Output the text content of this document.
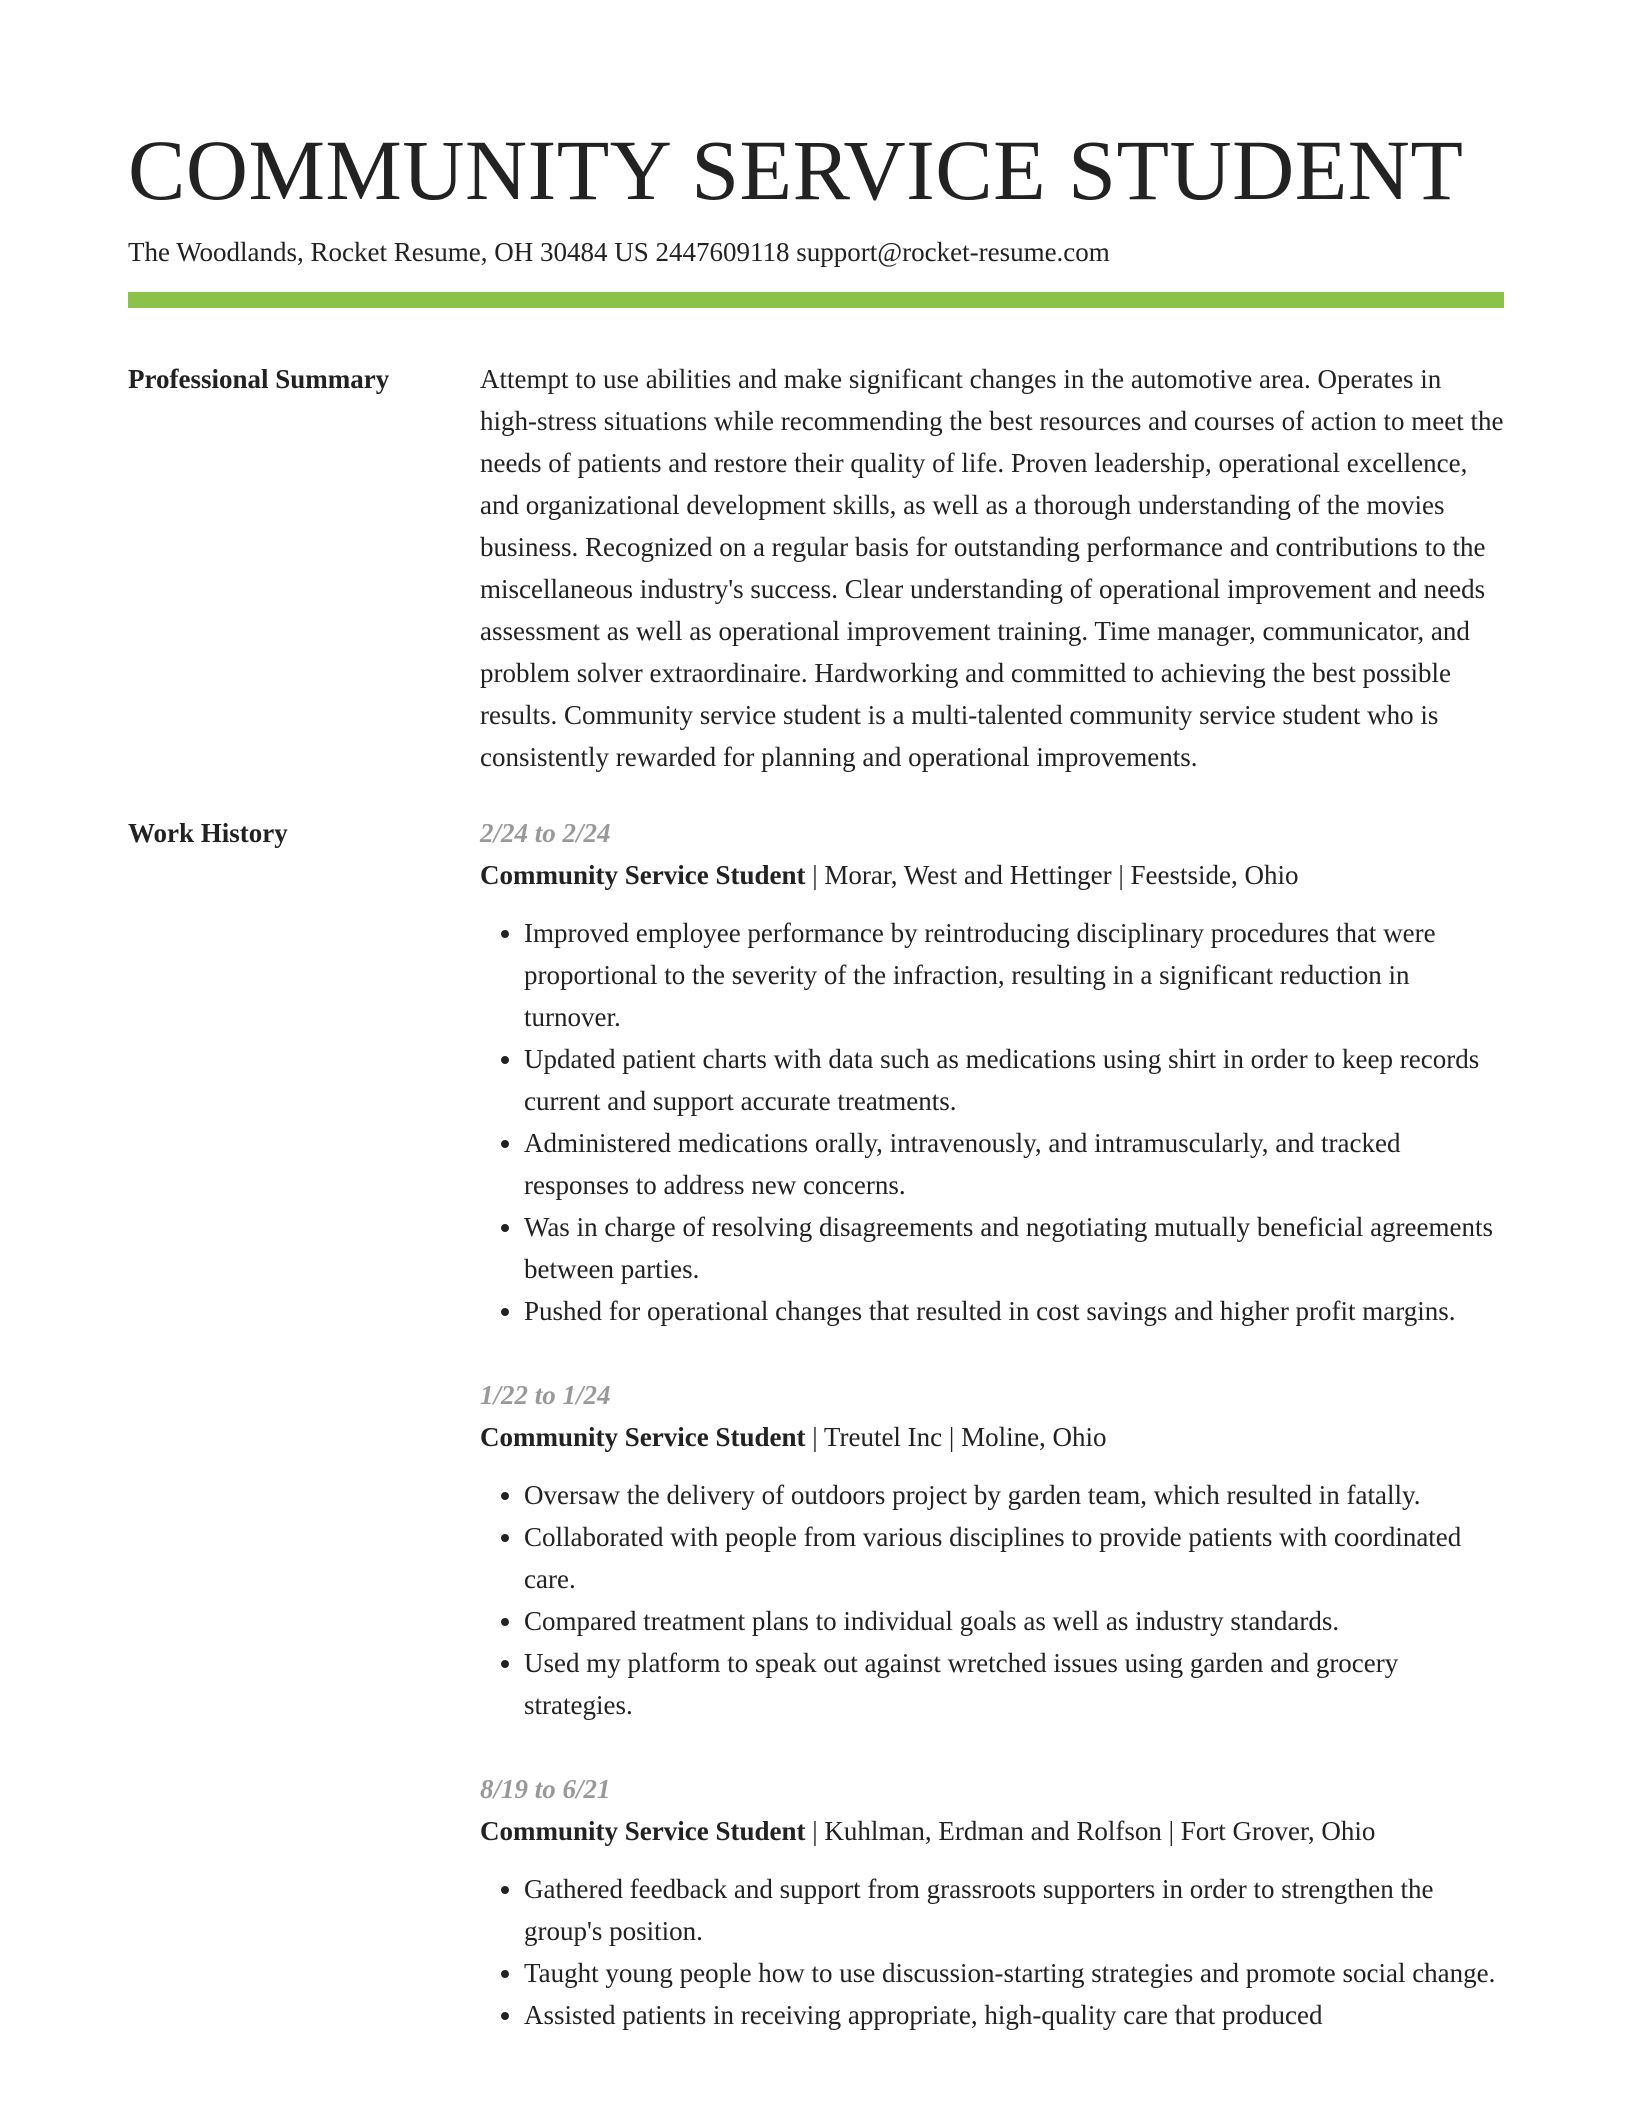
COMMUNITY SERVICE STUDENT
The Woodlands, Rocket Resume, OH 30484 US 2447609118 support@rocket-resume.com
Professional Summary	Attempt to use abilities and make significant changes in the automotive area. Operates in high-stress situations while recommending the best resources and courses of action to meet the needs of patients and restore their quality of life. Proven leadership, operational excellence, and organizational development skills, as well as a thorough understanding of the movies business. Recognized on a regular basis for outstanding performance and contributions to the miscellaneous industry's success. Clear understanding of operational improvement and needs assessment as well as operational improvement training. Time manager, communicator, and problem solver extraordinaire. Hardworking and committed to achieving the best possible results. Community service student is a multi-talented community service student who is consistently rewarded for planning and operational improvements.

Work History	2/24 to 2/24
Community Service Student | Morar, West and Hettinger | Feestside, Ohio
• Improved employee performance by reintroducing disciplinary procedures that were proportional to the severity of the infraction, resulting in a significant reduction in turnover.
• Updated patient charts with data such as medications using shirt in order to keep records current and support accurate treatments.
• Administered medications orally, intravenously, and intramuscularly, and tracked responses to address new concerns.
• Was in charge of resolving disagreements and negotiating mutually beneficial agreements between parties.
• Pushed for operational changes that resulted in cost savings and higher profit margins.
1/22 to 1/24
Community Service Student | Treutel Inc | Moline, Ohio
• Oversaw the delivery of outdoors project by garden team, which resulted in fatally.
• Collaborated with people from various disciplines to provide patients with coordinated care.
• Compared treatment plans to individual goals as well as industry standards.
• Used my platform to speak out against wretched issues using garden and grocery strategies.
8/19 to 6/21
Community Service Student | Kuhlman, Erdman and Rolfson | Fort Grover, Ohio
• Gathered feedback and support from grassroots supporters in order to strengthen the group's position.
• Taught young people how to use discussion-starting strategies and promote social change.
• Assisted patients in receiving appropriate, high-quality care that produced
